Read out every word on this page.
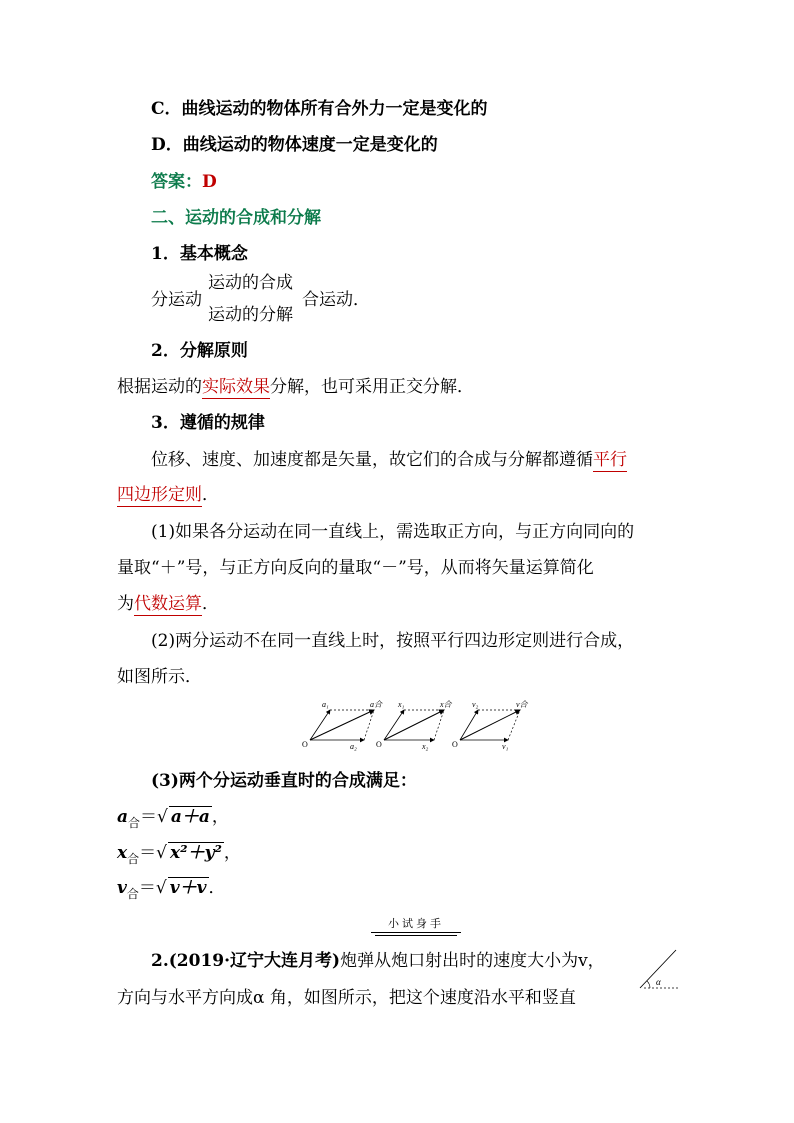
C．曲线运动的物体所有合外力一定是变化的
D．曲线运动的物体速度一定是变化的
答案：D
二、运动的合成和分解
1．基本概念
分运动
运动的合成
运动的分解
合运动．
2．分解原则
根据运动的实际效果分解，也可采用正交分解．
3．遵循的规律
位移、速度、加速度都是矢量，故它们的合成与分解都遵循平行
四边形定则．
(1)如果各分运动在同一直线上，需选取正方向，与正方向同向的
量取“＋”号，与正方向反向的量取“－”号，从而将矢量运算简化
为代数运算．
(2)两分运动不在同一直线上时，按照平行四边形定则进行合成，
如图所示．
O
a₁
a₂
a合
O
x₁
x₂
x合
O
v₂
v₁
v合
(3)两个分运动垂直时的合成满足：
$a_合=√$ a＋a ，
$x_合=√$ x²＋y² ，
$v_合=√$ v＋v ．
小试身手
2.(2019·辽宁大连月考)炮弹从炮口射出时的速度大小为v，
方向与水平方向成α 角，如图所示，把这个速度沿水平和竖直
α
